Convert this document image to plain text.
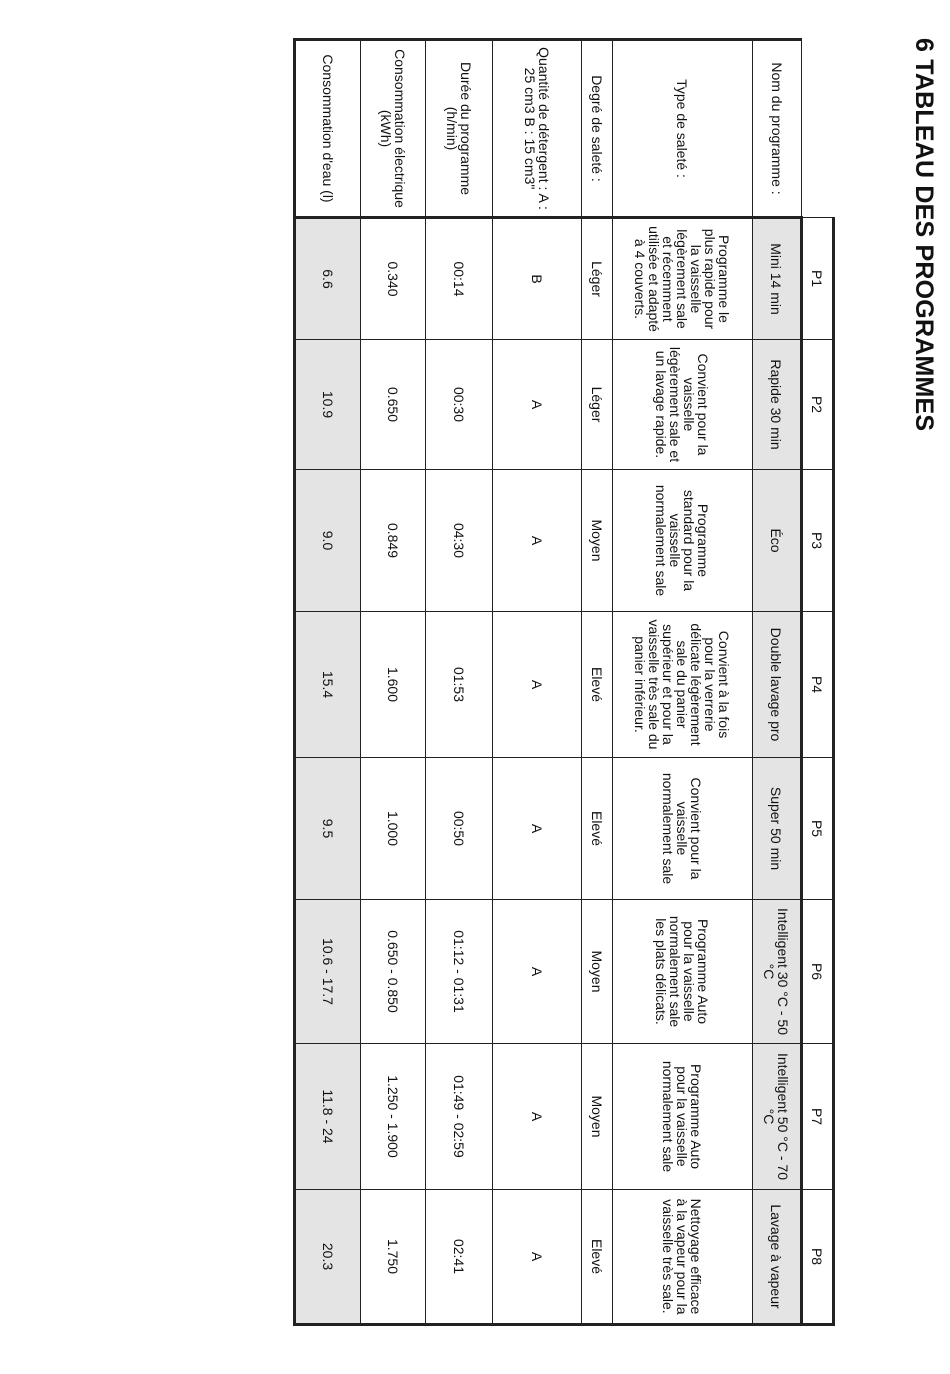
6 TABLEAU DES PROGRAMMES
	P1	P2	P3	P4	P5	P6	P7	P8
Nom du programme :	Mini 14 min	Rapide 30 min	Éco	Double lavage pro	Super 50 min	Intelligent 30 °C - 50 °C	Intelligent 50 °C - 70 °C	Lavage à vapeur
Type de saleté :	Programme le plus rapide pour la vaisselle légèrement sale et récemment utilisée et adapté à 4 couverts.	Convient pour la vaisselle légèrement sale et un lavage rapide.	Programme standard pour la vaisselle normalement sale	Convient à la fois pour la verrerie délicate légèrement sale du panier supérieur et pour la vaisselle très sale du panier inférieur.	Convient pour la vaisselle normalement sale	Programme Auto pour la vaisselle normalement sale les plats délicats.	Programme Auto pour la vaisselle normalement sale	Nettoyage efficace à la vapeur pour la vaisselle très sale.
Degré de saleté :	Léger	Léger	Moyen	Elevé	Elevé	Moyen	Moyen	Elevé
Quantité de détergent : A : 25 cm3 B : 15 cm3"	B	A	A	A	A	A	A	A
Durée du programme (h/min)	00:14	00:30	04:30	01:53	00:50	01:12 - 01:31	01:49 - 02:59	02:41
Consommation électrique (kWh)	0.340	0.650	0.849	1.600	1.000	0.650 - 0.850	1.250 - 1.900	1.750
Consommation d'eau (l)	6.6	10.9	9.0	15.4	9.5	10.6 - 17.7	11.8 - 24	20.3
